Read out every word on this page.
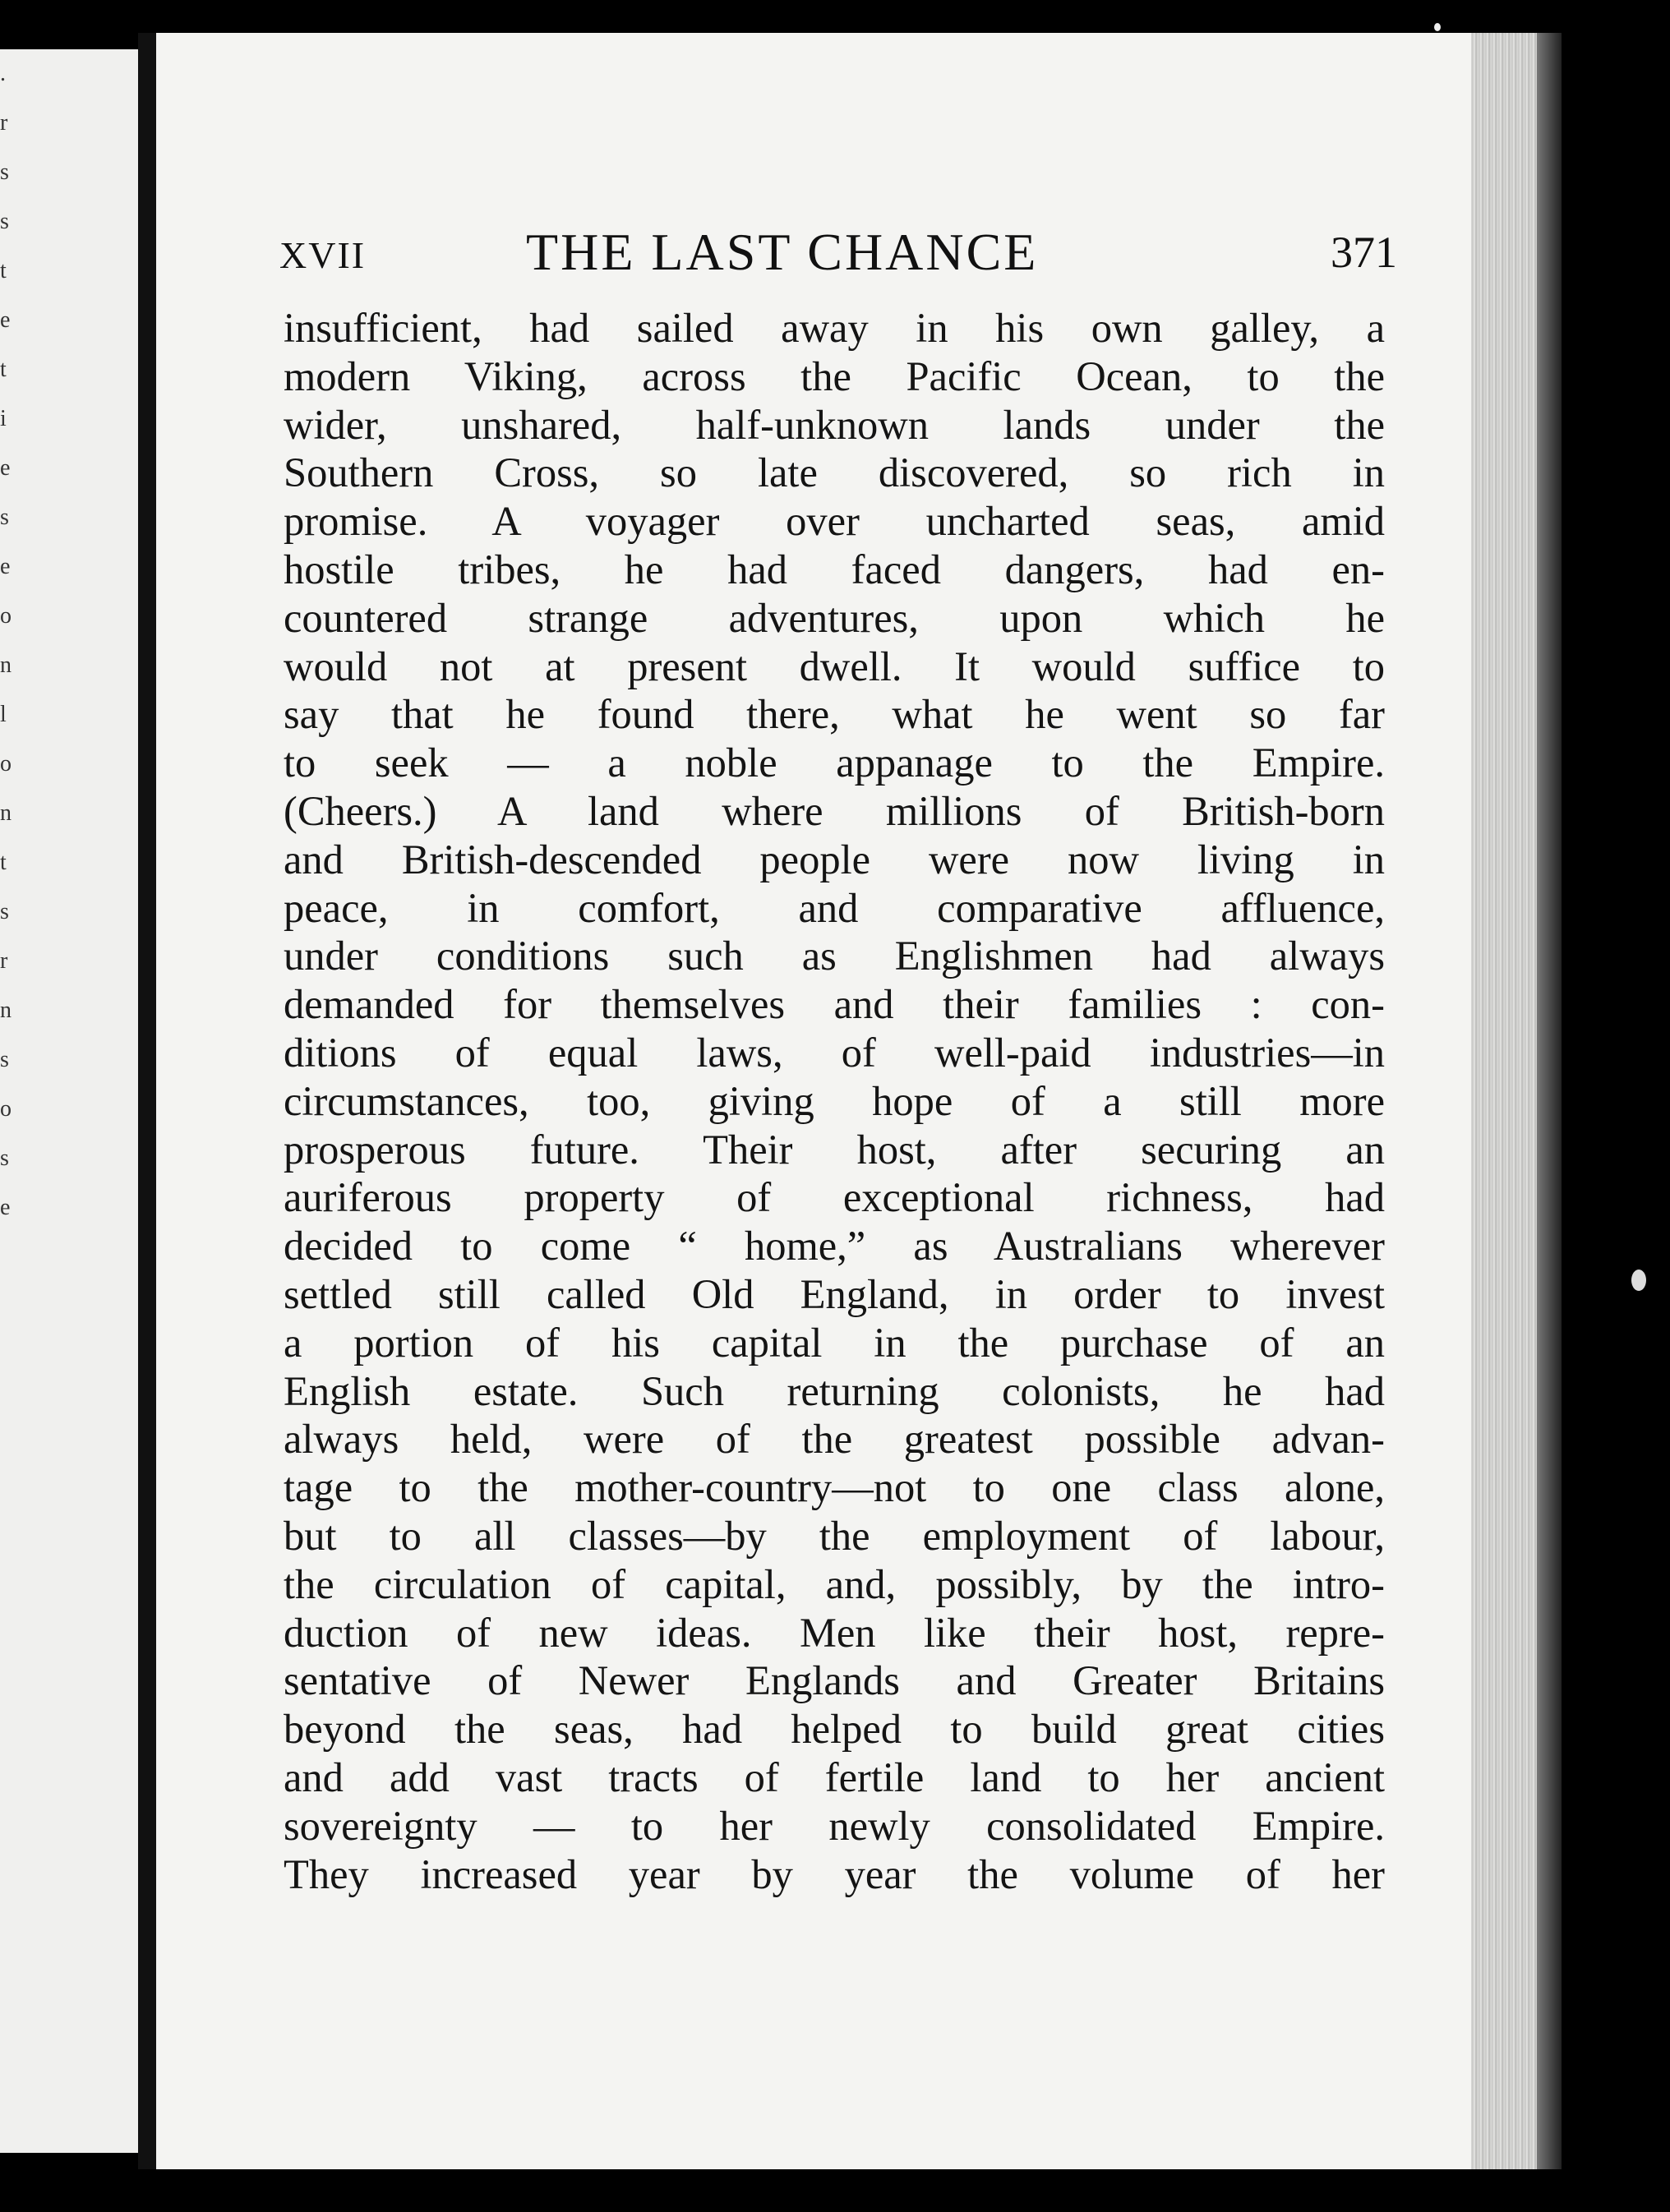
.
r
s
s
t
e
t
i
e
s
e
o
n
l
o
n
t
s
r
n
s
o
s
e
XVII	THE LAST CHANCE	371
insufficient, had sailed away in his own galley, a
modern Viking, across the Pacific Ocean, to the
wider, unshared, half-unknown lands under the
Southern Cross, so late discovered, so rich in
promise. A voyager over uncharted seas, amid
hostile tribes, he had faced dangers, had en-
countered strange adventures, upon which he
would not at present dwell. It would suffice to
say that he found there, what he went so far
to seek — a noble appanage to the Empire.
(Cheers.) A land where millions of British-born
and British-descended people were now living in
peace, in comfort, and comparative affluence,
under conditions such as Englishmen had always
demanded for themselves and their families : con-
ditions of equal laws, of well-paid industries—in
circumstances, too, giving hope of a still more
prosperous future. Their host, after securing an
auriferous property of exceptional richness, had
decided to come “ home,” as Australians wherever
settled still called Old England, in order to invest
a portion of his capital in the purchase of an
English estate. Such returning colonists, he had
always held, were of the greatest possible advan-
tage to the mother-country—not to one class alone,
but to all classes—by the employment of labour,
the circulation of capital, and, possibly, by the intro-
duction of new ideas. Men like their host, repre-
sentative of Newer Englands and Greater Britains
beyond the seas, had helped to build great cities
and add vast tracts of fertile land to her ancient
sovereignty — to her newly consolidated Empire.
They increased year by year the volume of her
